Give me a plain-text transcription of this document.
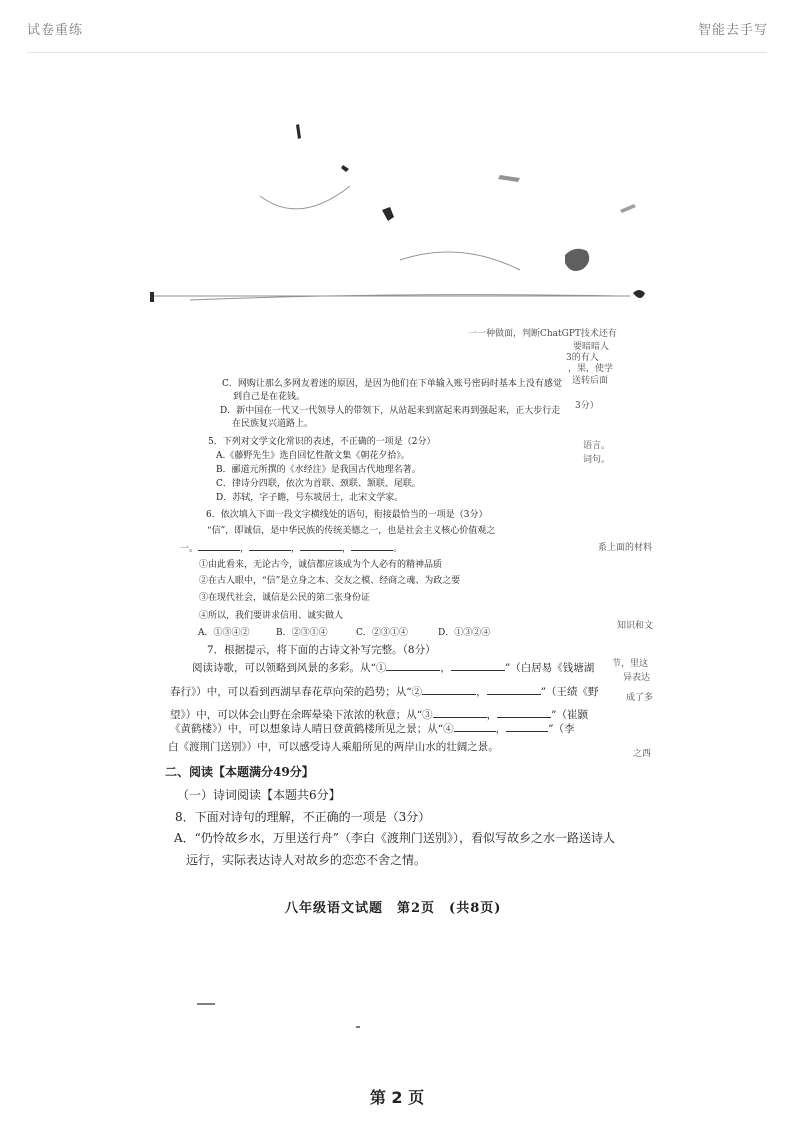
试卷重练	智能去手写
一一种做面，判断ChatGPT技术还有
要暗暗人
3的有人
，果，使学
送转后面
3分）
语言。
词句。
系上面的材料
知识和文
节，里这
异表达
成了多
之西
C．网购让那么多网友着迷的原因，是因为他们在下单输入账号密码时基本上没有感觉
到自己是在花钱。
D．新中国在一代又一代领导人的带领下，从站起来到富起来再到强起来，正大步行走
在民族复兴道路上。
5．下列对文学文化常识的表述，不正确的一项是（2分）
A.《藤野先生》选自回忆性散文集《朝花夕拾》。
B．郦道元所撰的《水经注》是我国古代地理名著。
C．律诗分四联，依次为首联、颈联、颔联、尾联。
D．苏轼，字子瞻，号东坡居士，北宋文学家。
6．依次填入下面一段文字横线处的语句，衔接最恰当的一项是（3分）
“信”，即诚信，是中华民族的传统美德之一，也是社会主义核心价值观之
一。	，	，	，	。
①由此看来，无论古今，诚信都应该成为个人必有的精神品质
②在古人眼中，“信”是立身之本、交友之模、经商之魂、为政之要
③在现代社会，诚信是公民的第二张身份证
④所以，我们要讲求信用、诚实做人
A．①③④②	B．②③①④	C．②③①④	D．①③②④
7．根据提示，将下面的古诗文补写完整。（8分）
阅读诗歌，可以领略到风景的多彩。从“①	，	”（白居易《钱塘湖
春行》）中，可以看到西湖早春花草向荣的趋势；从“②	，	”（王绩《野
望》）中，可以体会山野在余晖晕染下浓浓的秋意；从“③	，	”（崔颢
《黄鹤楼》）中，可以想象诗人晴日登黄鹤楼所见之景；从“④	，	”（李
白《渡荆门送别》）中，可以感受诗人乘船所见的两岸山水的壮阔之景。
二、阅读【本题满分49分】
（一）诗词阅读【本题共6分】
8．下面对诗句的理解，不正确的一项是（3分）
A．“仍怜故乡水，万里送行舟”（李白《渡荆门送别》），看似写故乡之水一路送诗人
远行，实际表达诗人对故乡的恋恋不舍之情。
八年级语文试题　第2页　(共8页)
第 2 页
